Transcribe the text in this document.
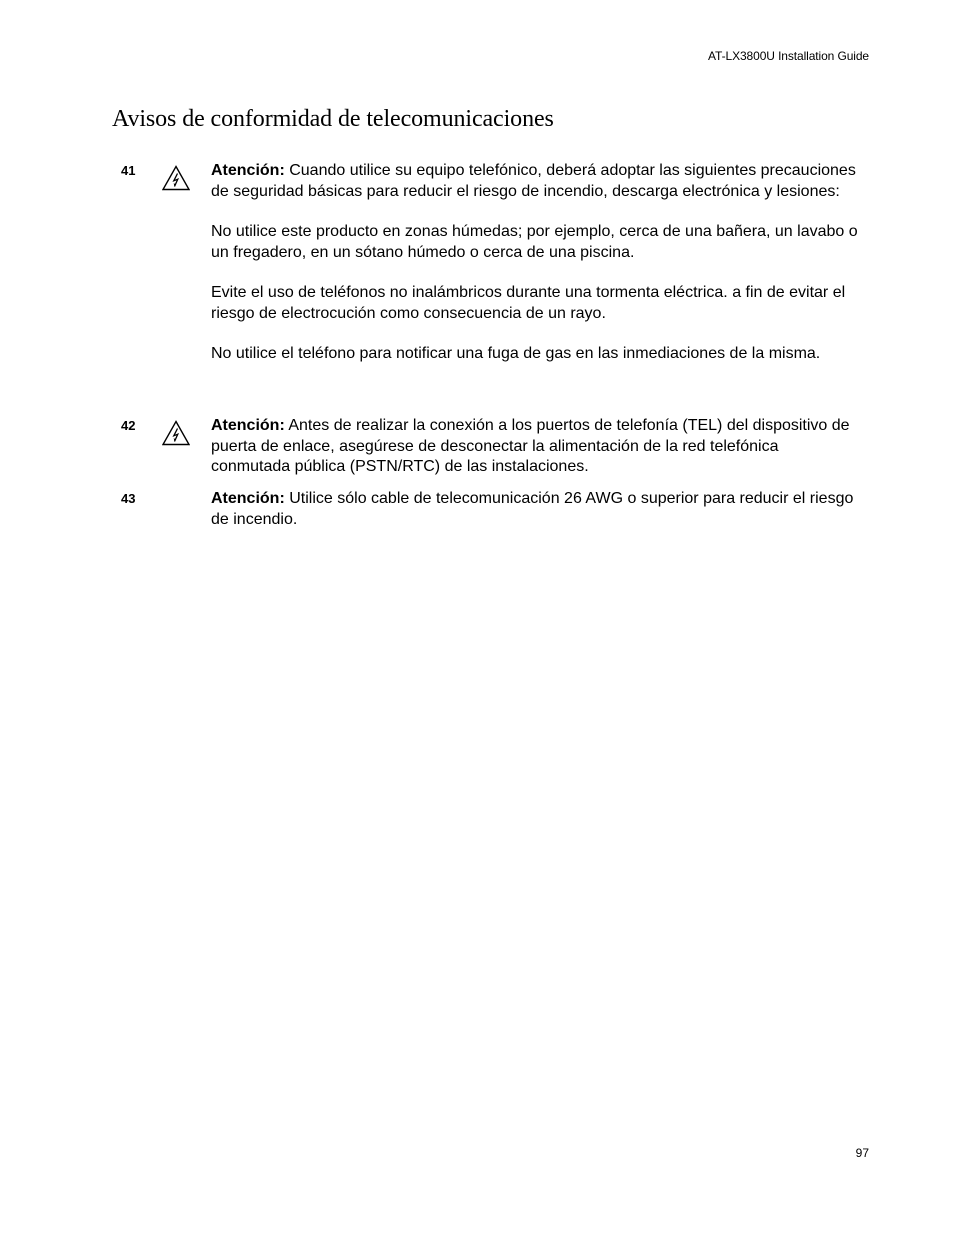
AT-LX3800U Installation Guide
Avisos de conformidad de telecomunicaciones
41	Atención: Cuando utilice su equipo telefónico, deberá adoptar las siguientes precauciones de seguridad básicas para reducir el riesgo de incendio, descarga electrónica y lesiones:

No utilice este producto en zonas húmedas; por ejemplo, cerca de una bañera, un lavabo o un fregadero, en un sótano húmedo o cerca de una piscina.

Evite el uso de teléfonos no inalámbricos durante una tormenta eléctrica. a fin de evitar el riesgo de electrocución como consecuencia de un rayo.

No utilice el teléfono para notificar una fuga de gas en las inmediaciones de la misma.

42	Atención: Antes de realizar la conexión a los puertos de telefonía (TEL) del dispositivo de puerta de enlace, asegúrese de desconectar la alimentación de la red telefónica conmutada pública (PSTN/RTC) de las instalaciones.

43	Atención: Utilice sólo cable de telecomunicación 26 AWG o superior para reducir el riesgo de incendio.

97
